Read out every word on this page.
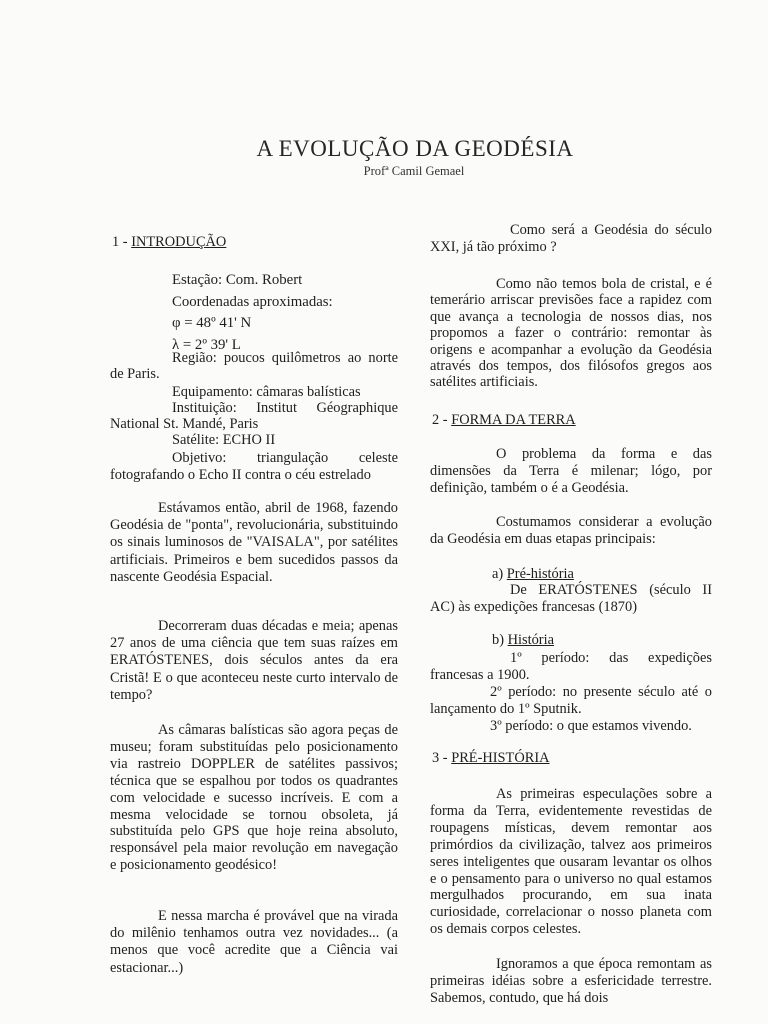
A EVOLUÇÃO DA GEODÉSIA
Profª Camil Gemael
1 - INTRODUÇÃO
Estação: Com. Robert
Coordenadas aproximadas:
φ = 48º 41' N
λ = 2º 39' L
Região: poucos quilômetros ao norte de Paris.
Equipamento: câmaras balísticas
Instituição: Institut Géographique National St. Mandé, Paris
Satélite: ECHO II
Objetivo: triangulação celeste fotografando o Echo II contra o céu estrelado
Estávamos então, abril de 1968, fazendo Geodésia de "ponta", revolucionária, substituindo os sinais luminosos de "VAISALA", por satélites artificiais. Primeiros e bem sucedidos passos da nascente Geodésia Espacial.
Decorreram duas décadas e meia; apenas 27 anos de uma ciência que tem suas raízes em ERATÓSTENES, dois séculos antes da era Cristã! E o que aconteceu neste curto intervalo de tempo?
As câmaras balísticas são agora peças de museu; foram substituídas pelo posicionamento via rastreio DOPPLER de satélites passivos; técnica que se espalhou por todos os quadrantes com velocidade e sucesso incríveis. E com a mesma velocidade se tornou obsoleta, já substituída pelo GPS que hoje reina absoluto, responsável pela maior revolução em navegação e posicionamento geodésico!
E nessa marcha é provável que na virada do milênio tenhamos outra vez novidades... (a menos que você acredite que a Ciência vai estacionar...)
Como será a Geodésia do século XXI, já tão próximo ?
Como não temos bola de cristal, e é temerário arriscar previsões face a rapidez com que avança a tecnologia de nossos dias, nos propomos a fazer o contrário: remontar às origens e acompanhar a evolução da Geodésia através dos tempos, dos filósofos gregos aos satélites artificiais.
2 - FORMA DA TERRA
O problema da forma e das dimensões da Terra é milenar; lógo, por definição, também o é a Geodésia.
Costumamos considerar a evolução da Geodésia em duas etapas principais:
a) Pré-história
De ERATÓSTENES (século II AC) às expedições francesas (1870)
b) História
1º período: das expedições francesas a 1900.
2º período: no presente século até o lançamento do 1º Sputnik.
3º período: o que estamos vivendo.
3 - PRÉ-HISTÓRIA
As primeiras especulações sobre a forma da Terra, evidentemente revestidas de roupagens místicas, devem remontar aos primórdios da civilização, talvez aos primeiros seres inteligentes que ousaram levantar os olhos e o pensamento para o universo no qual estamos mergulhados procurando, em sua inata curiosidade, correlacionar o nosso planeta com os demais corpos celestes.
Ignoramos a que época remontam as primeiras idéias sobre a esfericidade terrestre. Sabemos, contudo, que há dois
